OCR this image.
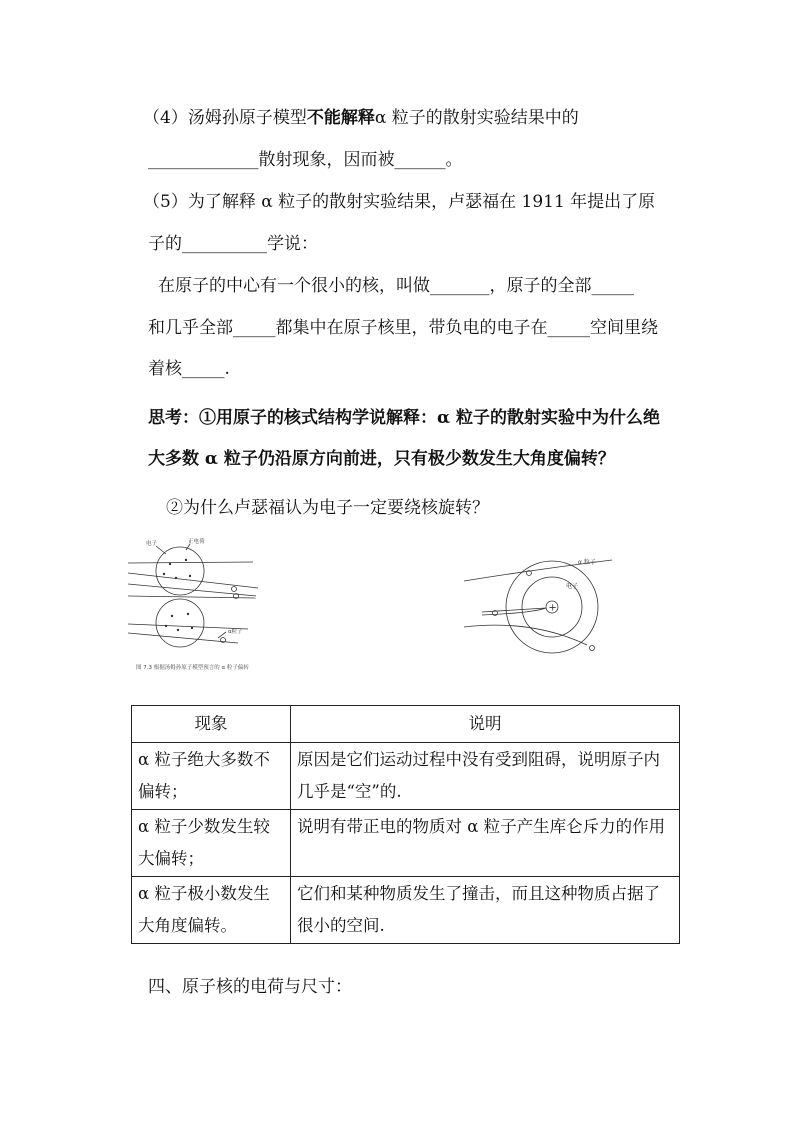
（4）汤姆孙原子模型不能解释α 粒子的散射实验结果中的
_____________散射现象，因而被______。
（5）为了解释 α 粒子的散射实验结果，卢瑟福在 1911 年提出了原
子的__________学说：
在原子的中心有一个很小的核，叫做_______，原子的全部_____
和几乎全部_____都集中在原子核里，带负电的电子在_____空间里绕
着核_____.
思考：①用原子的核式结构学说解释：α 粒子的散射实验中为什么绝
大多数 α 粒子仍沿原方向前进，只有极少数发生大角度偏转？
②为什么卢瑟福认为电子一定要绕核旋转？
电子	正电荷
α粒子
图 7.3 根据汤姆孙原子模型预言的 α 粒子偏转
+
α 粒子
电子
现象	说明
α 粒子绝大多数不偏转；	原因是它们运动过程中没有受到阻碍，说明原子内几乎是“空”的.
α 粒子少数发生较大偏转；	说明有带正电的物质对 α 粒子产生库仑斥力的作用
α 粒子极小数发生大角度偏转。	它们和某种物质发生了撞击，而且这种物质占据了很小的空间.
四、原子核的电荷与尺寸：
